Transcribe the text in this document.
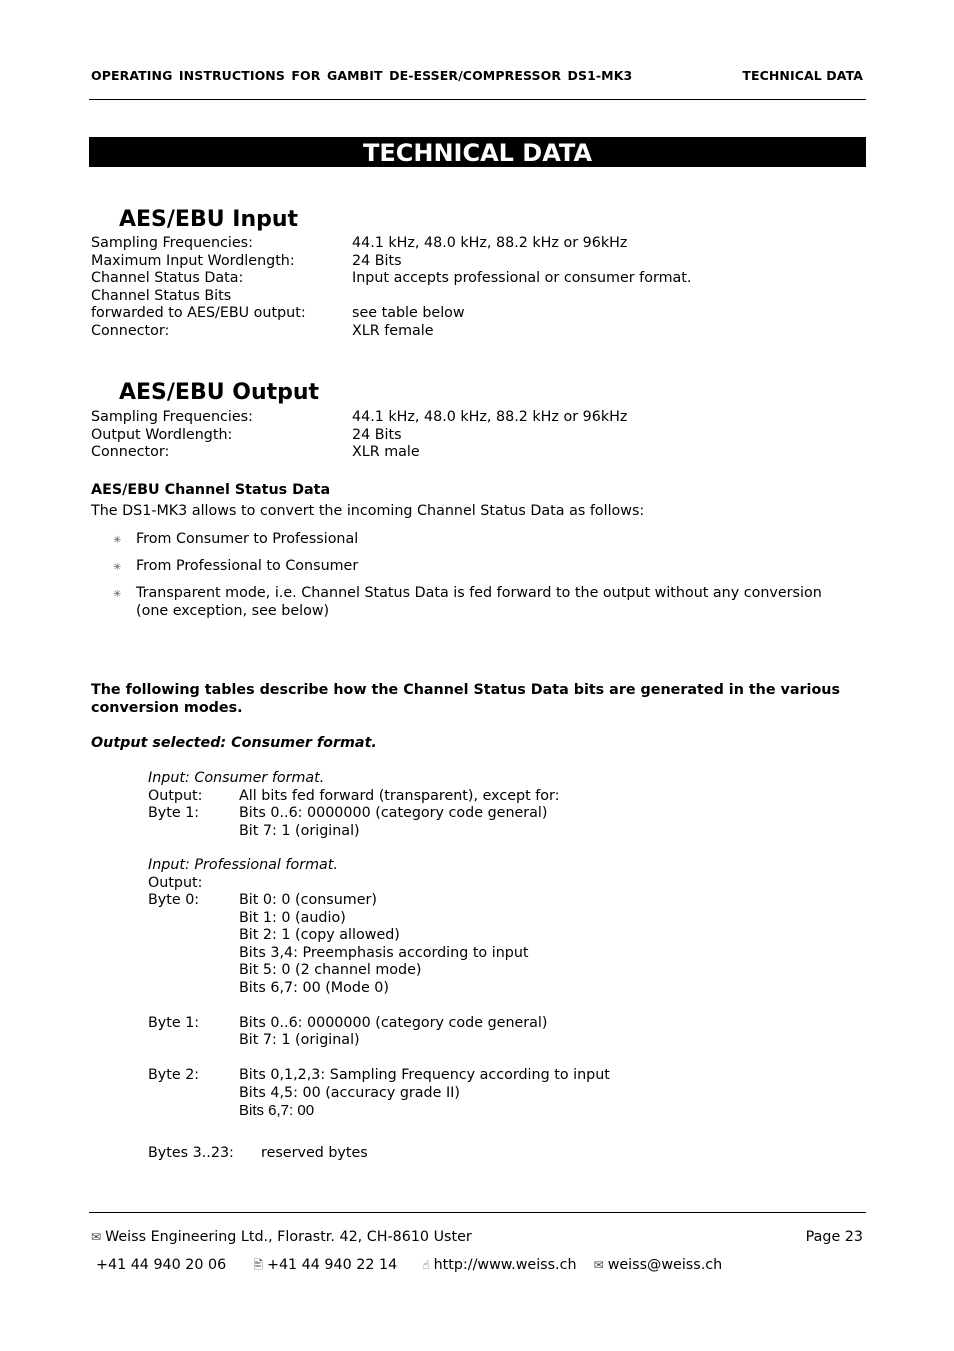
OPERATING INSTRUCTIONS FOR GAMBIT DE-ESSER/COMPRESSOR DS1-MK3	TECHNICAL DATA
TECHNICAL DATA
AES/EBU Input
Sampling Frequencies:	44.1 kHz, 48.0 kHz, 88.2 kHz or 96kHz
Maximum Input Wordlength:	24 Bits
Channel Status Data:	Input accepts professional or consumer format.
Channel Status Bits
forwarded to AES/EBU output:	see table below
Connector:	XLR female
AES/EBU Output
Sampling Frequencies:	44.1 kHz, 48.0 kHz, 88.2 kHz or 96kHz
Output Wordlength:	24 Bits
Connector:	XLR male
AES/EBU Channel Status Data
The DS1-MK3 allows to convert the incoming Channel Status Data as follows:
✳ From Consumer to Professional
✳ From Professional to Consumer
✳ Transparent mode, i.e. Channel Status Data is fed forward to the output without any conversion (one exception, see below)
The following tables describe how the Channel Status Data bits are generated in the various conversion modes.
Output selected: Consumer format.
Input: Consumer format.
Output:	All bits fed forward (transparent), except for:
Byte 1:	Bits 0..6: 0000000 (category code general)
Bit 7: 1 (original)
Input: Professional format.
Output:
Byte 0:	Bit 0: 0 (consumer)
Bit 1: 0 (audio)
Bit 2: 1 (copy allowed)
Bits 3,4: Preemphasis according to input
Bit 5: 0 (2 channel mode)
Bits 6,7: 00 (Mode 0)
Byte 1:	Bits 0..6: 0000000 (category code general)
Bit 7: 1 (original)
Byte 2:	Bits 0,1,2,3: Sampling Frequency according to input
Bits 4,5: 00 (accuracy grade II)
Bits 6,7: 00
Bytes 3..23:	reserved bytes
✉ Weiss Engineering Ltd., Florastr. 42, CH-8610 Uster	Page 23
+41 44 940 20 06 🖹 +41 44 940 22 14 ☝ http://www.weiss.ch ✉ weiss@weiss.ch
